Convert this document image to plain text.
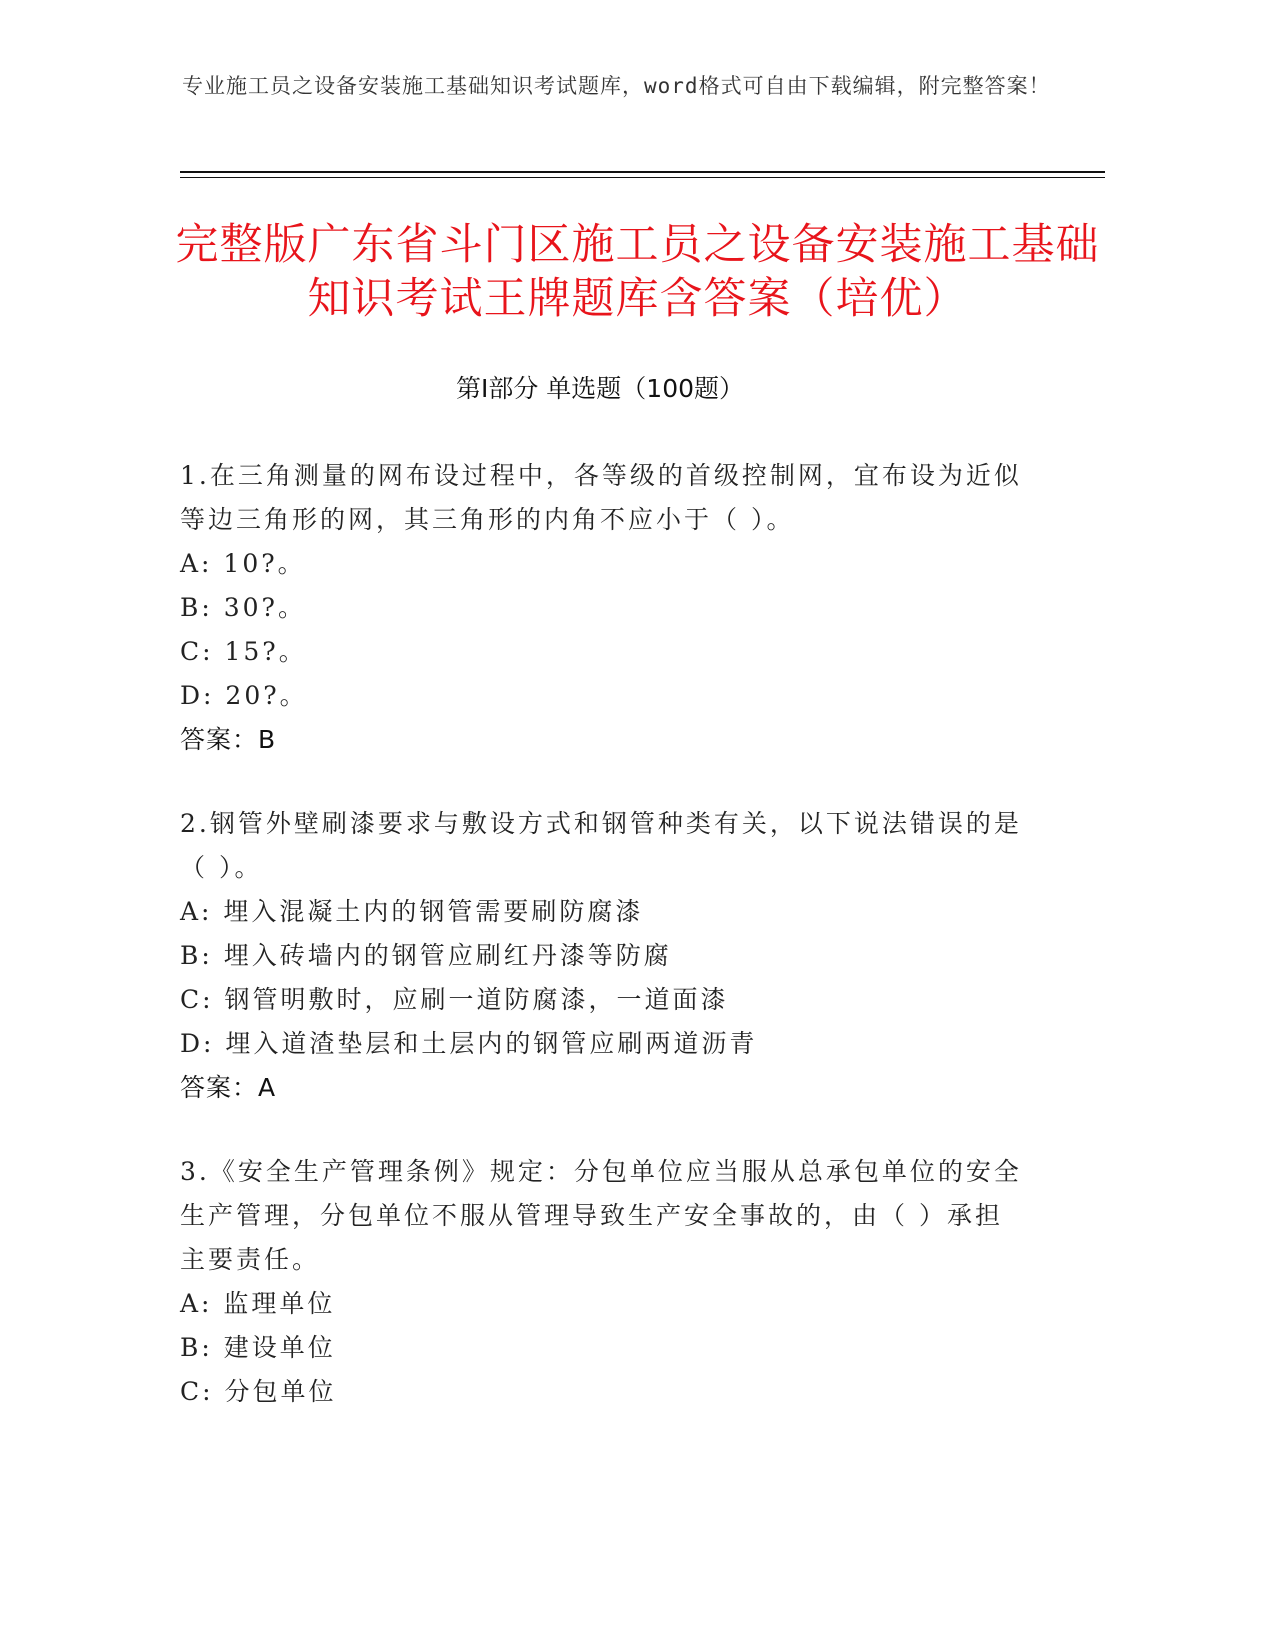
专业施工员之设备安装施工基础知识考试题库，word格式可自由下载编辑，附完整答案！
完整版广东省斗门区施工员之设备安装施工基础知识考试王牌题库含答案（培优）
第Ⅰ部分 单选题（100题）

1.在三角测量的网布设过程中，各等级的首级控制网，宜布设为近似等边三角形的网，其三角形的内角不应小于（ ）。

A: 10?。

B: 30?。

C: 15?。

D: 20?。

答案：B

2.钢管外壁刷漆要求与敷设方式和钢管种类有关，以下说法错误的是（ ）。

A: 埋入混凝土内的钢管需要刷防腐漆

B: 埋入砖墙内的钢管应刷红丹漆等防腐

C: 钢管明敷时，应刷一道防腐漆，一道面漆

D: 埋入道渣垫层和土层内的钢管应刷两道沥青

答案：A

3.《安全生产管理条例》规定：分包单位应当服从总承包单位的安全生产管理，分包单位不服从管理导致生产安全事故的，由（ ）承担主要责任。

A: 监理单位

B: 建设单位

C: 分包单位
